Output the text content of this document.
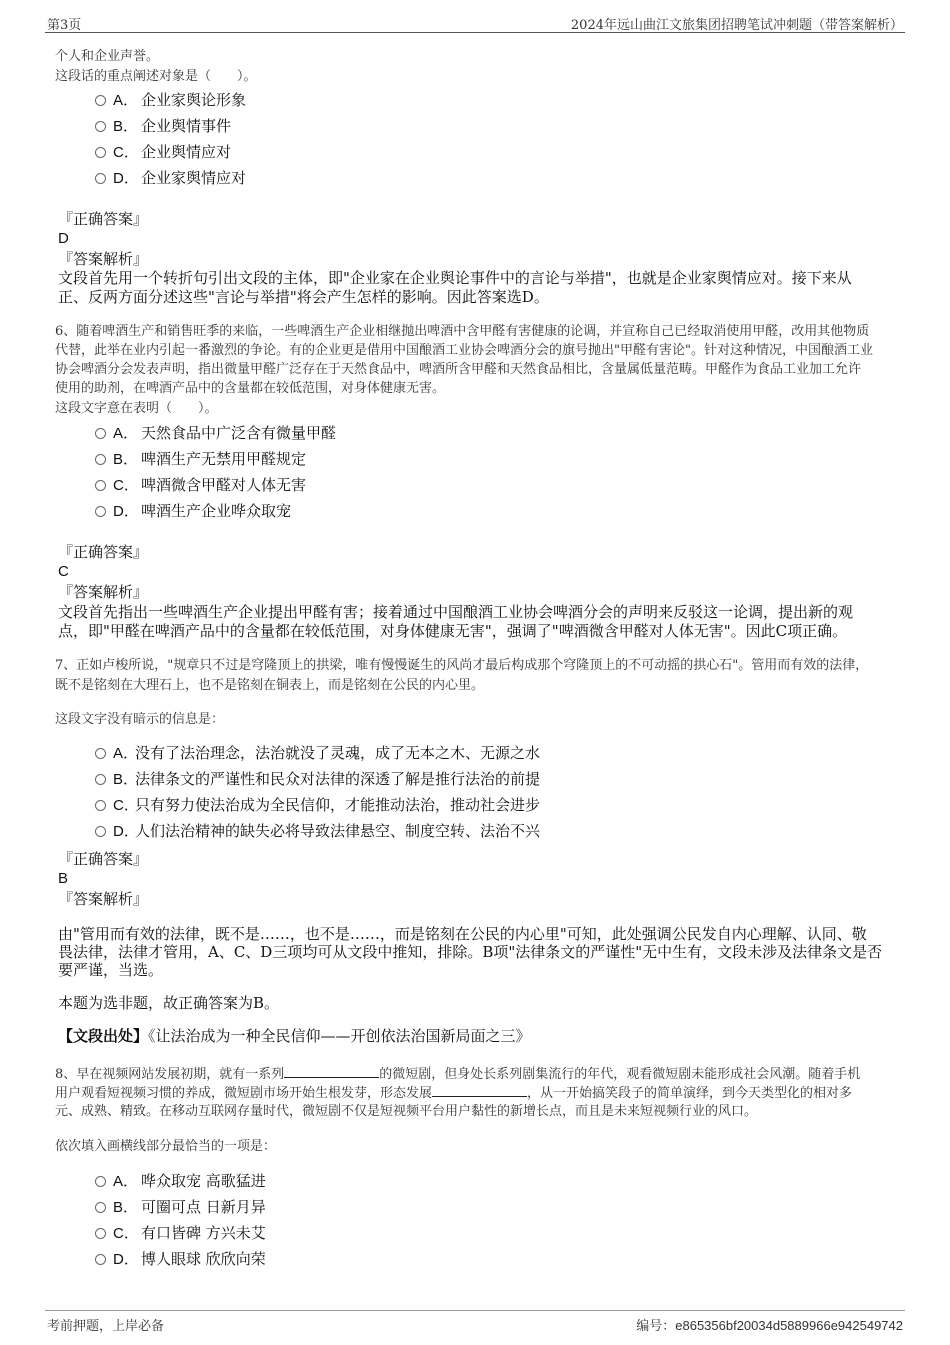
第3页	2024年远山曲江文旅集团招聘笔试冲刺题（带答案解析）
个人和企业声誉。
这段话的重点阐述对象是（　　）。
A． 企业家舆论形象
B． 企业舆情事件
C． 企业舆情应对
D． 企业家舆情应对
『正确答案』
D
『答案解析』
文段首先用一个转折句引出文段的主体，即"企业家在企业舆论事件中的言论与举措"，也就是企业家舆情应对。接下来从
正、反两方面分述这些"言论与举措"将会产生怎样的影响。因此答案选D。
6、随着啤酒生产和销售旺季的来临，一些啤酒生产企业相继抛出啤酒中含甲醛有害健康的论调，并宣称自己已经取消使用甲醛，改用其他物质
代替，此举在业内引起一番激烈的争论。有的企业更是借用中国酿酒工业协会啤酒分会的旗号抛出"甲醛有害论"。针对这种情况，中国酿酒工业
协会啤酒分会发表声明，指出微量甲醛广泛存在于天然食品中，啤酒所含甲醛和天然食品相比，含量属低量范畴。甲醛作为食品工业加工允许
使用的助剂，在啤酒产品中的含量都在较低范围，对身体健康无害。
这段文字意在表明（　　）。
A． 天然食品中广泛含有微量甲醛
B． 啤酒生产无禁用甲醛规定
C． 啤酒微含甲醛对人体无害
D． 啤酒生产企业哗众取宠
『正确答案』
C
『答案解析』
文段首先指出一些啤酒生产企业提出甲醛有害；接着通过中国酿酒工业协会啤酒分会的声明来反驳这一论调，提出新的观
点，即"甲醛在啤酒产品中的含量都在较低范围，对身体健康无害"，强调了"啤酒微含甲醛对人体无害"。因此C项正确。
7、正如卢梭所说，"规章只不过是穹隆顶上的拱梁，唯有慢慢诞生的风尚才最后构成那个穹隆顶上的不可动摇的拱心石"。管用而有效的法律，
既不是铭刻在大理石上，也不是铭刻在铜表上，而是铭刻在公民的内心里。
这段文字没有暗示的信息是：
A．没有了法治理念，法治就没了灵魂，成了无本之木、无源之水
B．法律条文的严谨性和民众对法律的深透了解是推行法治的前提
C．只有努力使法治成为全民信仰，才能推动法治，推动社会进步
D．人们法治精神的缺失必将导致法律悬空、制度空转、法治不兴
『正确答案』
B
『答案解析』
由"管用而有效的法律，既不是……，也不是……，而是铭刻在公民的内心里"可知，此处强调公民发自内心理解、认同、敬
畏法律，法律才管用，A、C、D三项均可从文段中推知，排除。B项"法律条文的严谨性"无中生有，文段未涉及法律条文是否
要严谨，当选。
本题为选非题，故正确答案为B。
【文段出处】《让法治成为一种全民信仰——开创依法治国新局面之三》
8、早在视频网站发展初期，就有一系列	的微短剧，但身处长系列剧集流行的年代，观看微短剧未能形成社会风潮。随着手机
用户观看短视频习惯的养成，微短剧市场开始生根发芽，形态发展	，从一开始搞笑段子的简单演绎，到今天类型化的相对多
元、成熟、精致。在移动互联网存量时代，微短剧不仅是短视频平台用户黏性的新增长点，而且是未来短视频行业的风口。
依次填入画横线部分最恰当的一项是：
A． 哗众取宠 高歌猛进
B． 可圈可点 日新月异
C． 有口皆碑 方兴未艾
D． 博人眼球 欣欣向荣
考前押题，上岸必备	编号：e865356bf20034d5889966e942549742
